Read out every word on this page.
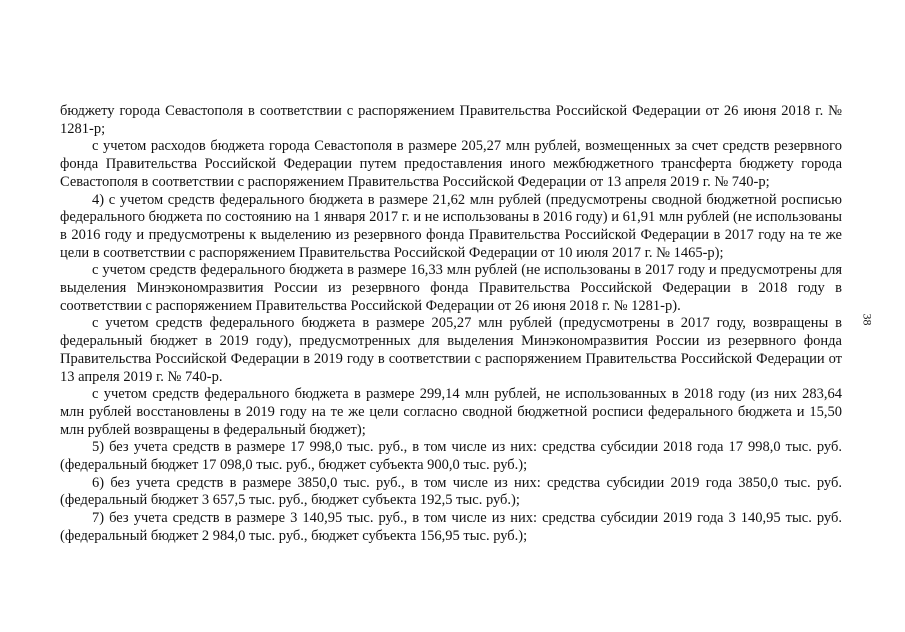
бюджету города Севастополя в соответствии с распоряжением Правительства Российской Федерации от 26 июня 2018 г. № 1281-р;

с учетом расходов бюджета города Севастополя в размере 205,27 млн рублей, возмещенных за счет средств резервного фонда Правительства Российской Федерации путем предоставления иного межбюджетного трансферта бюджету города Севастополя в соответствии с распоряжением Правительства Российской Федерации от 13 апреля 2019 г. № 740-р;

4) с учетом средств федерального бюджета в размере 21,62 млн рублей (предусмотрены сводной бюджетной росписью федерального бюджета по состоянию на 1 января 2017 г. и не использованы в 2016 году) и 61,91 млн рублей (не использованы в 2016 году и предусмотрены к выделению из резервного фонда Правительства Российской Федерации в 2017 году на те же цели в соответствии с распоряжением Правительства Российской Федерации от 10 июля 2017 г. № 1465-р);

с учетом средств федерального бюджета в размере 16,33 млн рублей (не использованы в 2017 году и предусмотрены для выделения Минэкономразвития России из резервного фонда Правительства Российской Федерации в 2018 году в соответствии с распоряжением Правительства Российской Федерации от 26 июня 2018 г. № 1281-р).

с учетом средств федерального бюджета в размере 205,27 млн рублей (предусмотрены в 2017 году, возвращены в федеральный бюджет в 2019 году), предусмотренных для выделения Минэкономразвития России из резервного фонда Правительства Российской Федерации в 2019 году в соответствии с распоряжением Правительства Российской Федерации от 13 апреля 2019 г. № 740-р.

с учетом средств федерального бюджета в размере 299,14 млн рублей, не использованных в 2018 году (из них 283,64 млн рублей восстановлены в 2019 году на те же цели согласно сводной бюджетной росписи федерального бюджета и 15,50 млн рублей возвращены в федеральный бюджет);

5) без учета средств в размере 17 998,0 тыс. руб., в том числе из них: средства субсидии 2018 года 17 998,0 тыс. руб. (федеральный бюджет 17 098,0 тыс. руб., бюджет субъекта 900,0 тыс. руб.);

6) без учета средств в размере 3850,0 тыс. руб., в том числе из них: средства субсидии 2019 года 3850,0 тыс. руб. (федеральный бюджет 3 657,5 тыс. руб., бюджет субъекта 192,5 тыс. руб.);

7) без учета средств в размере 3 140,95 тыс. руб., в том числе из них: средства субсидии 2019 года 3 140,95 тыс. руб. (федеральный бюджет 2 984,0 тыс. руб., бюджет субъекта 156,95 тыс. руб.);

38
